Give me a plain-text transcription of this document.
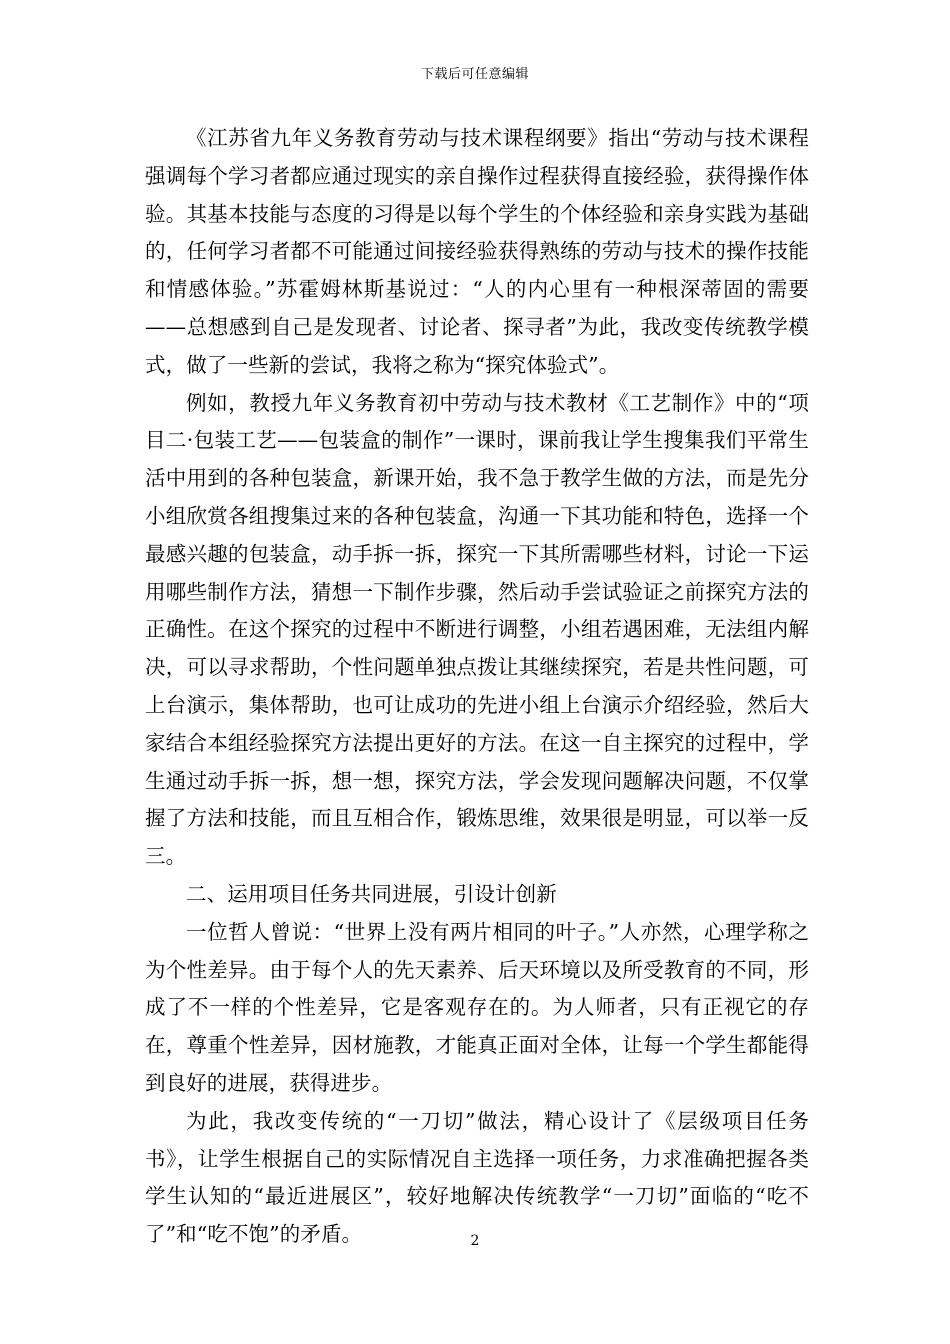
下载后可任意编辑

《江苏省九年义务教育劳动与技术课程纲要》指出“劳动与技术课程强调每个学习者都应通过现实的亲自操作过程获得直接经验，获得操作体验。其基本技能与态度的习得是以每个学生的个体经验和亲身实践为基础的，任何学习者都不可能通过间接经验获得熟练的劳动与技术的操作技能和情感体验。”苏霍姆林斯基说过：“人的内心里有一种根深蒂固的需要——总想感到自己是发现者、讨论者、探寻者”为此，我改变传统教学模式，做了一些新的尝试，我将之称为“探究体验式”。

例如，教授九年义务教育初中劳动与技术教材《工艺制作》中的“项目二·包装工艺——包装盒的制作”一课时，课前我让学生搜集我们平常生活中用到的各种包装盒，新课开始，我不急于教学生做的方法，而是先分小组欣赏各组搜集过来的各种包装盒，沟通一下其功能和特色，选择一个最感兴趣的包装盒，动手拆一拆，探究一下其所需哪些材料，讨论一下运用哪些制作方法，猜想一下制作步骤，然后动手尝试验证之前探究方法的正确性。在这个探究的过程中不断进行调整，小组若遇困难，无法组内解决，可以寻求帮助，个性问题单独点拨让其继续探究，若是共性问题，可上台演示，集体帮助，也可让成功的先进小组上台演示介绍经验，然后大家结合本组经验探究方法提出更好的方法。在这一自主探究的过程中，学生通过动手拆一拆，想一想，探究方法，学会发现问题解决问题，不仅掌握了方法和技能，而且互相合作，锻炼思维，效果很是明显，可以举一反三。

二、运用项目任务共同进展，引设计创新

一位哲人曾说：“世界上没有两片相同的叶子。”人亦然，心理学称之为个性差异。由于每个人的先天素养、后天环境以及所受教育的不同，形成了不一样的个性差异，它是客观存在的。为人师者，只有正视它的存在，尊重个性差异，因材施教，才能真正面对全体，让每一个学生都能得到良好的进展，获得进步。

为此，我改变传统的“一刀切”做法，精心设计了《层级项目任务书》，让学生根据自己的实际情况自主选择一项任务，力求准确把握各类学生认知的“最近进展区”，较好地解决传统教学“一刀切”面临的“吃不了”和“吃不饱”的矛盾。	2
